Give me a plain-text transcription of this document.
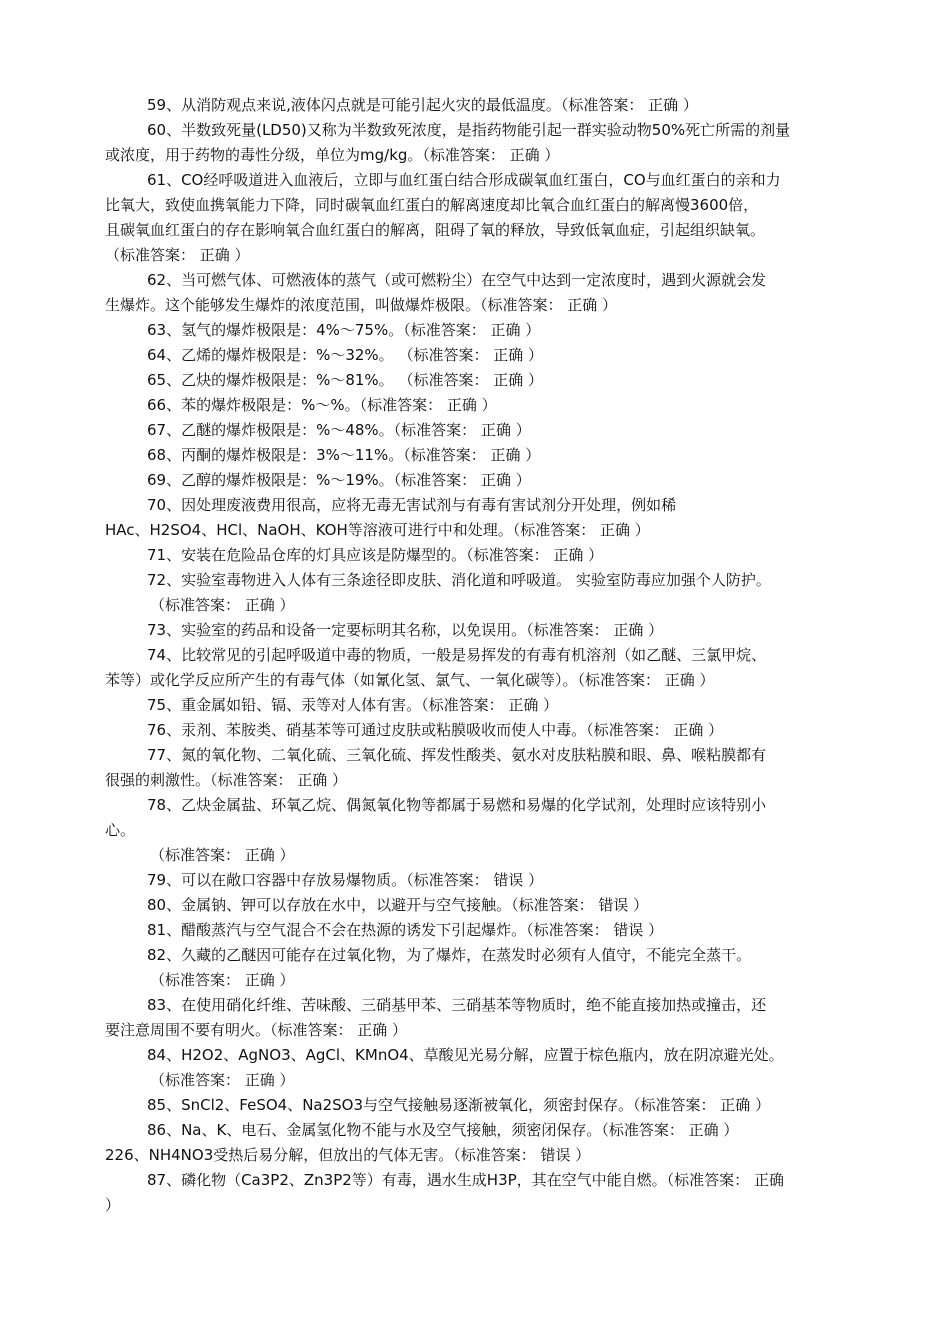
59、从消防观点来说,液体闪点就是可能引起火灾的最低温度。（标准答案： 正确 ）
60、半数致死量(LD50)又称为半数致死浓度，是指药物能引起一群实验动物50%死亡所需的剂量
或浓度，用于药物的毒性分级，单位为mg/kg。（标准答案： 正确 ）
61、CO经呼吸道进入血液后，立即与血红蛋白结合形成碳氧血红蛋白，CO与血红蛋白的亲和力
比氧大，致使血携氧能力下降，同时碳氧血红蛋白的解离速度却比氧合血红蛋白的解离慢3600倍，
且碳氧血红蛋白的存在影响氧合血红蛋白的解离，阻碍了氧的释放，导致低氧血症，引起组织缺氧。
（标准答案： 正确 ）
62、当可燃气体、可燃液体的蒸气（或可燃粉尘）在空气中达到一定浓度时，遇到火源就会发
生爆炸。这个能够发生爆炸的浓度范围，叫做爆炸极限。（标准答案： 正确 ）
63、氢气的爆炸极限是：4%～75%。（标准答案： 正确 ）
64、乙烯的爆炸极限是：%～32%。 （标准答案： 正确 ）
65、乙炔的爆炸极限是：%～81%。 （标准答案： 正确 ）
66、苯的爆炸极限是：%～%。（标准答案： 正确 ）
67、乙醚的爆炸极限是：%～48%。（标准答案： 正确 ）
68、丙酮的爆炸极限是：3%～11%。（标准答案： 正确 ）
69、乙醇的爆炸极限是：%～19%。（标准答案： 正确 ）
70、因处理废液费用很高，应将无毒无害试剂与有毒有害试剂分开处理，例如稀
HAc、H2SO4、HCl、NaOH、KOH等溶液可进行中和处理。（标准答案： 正确 ）
71、安装在危险品仓库的灯具应该是防爆型的。（标准答案： 正确 ）
72、实验室毒物进入人体有三条途径即皮肤、消化道和呼吸道。 实验室防毒应加强个人防护。
（标准答案： 正确 ）
73、实验室的药品和设备一定要标明其名称，以免误用。（标准答案： 正确 ）
74、比较常见的引起呼吸道中毒的物质，一般是易挥发的有毒有机溶剂（如乙醚、三氯甲烷、
苯等）或化学反应所产生的有毒气体（如氰化氢、氯气、一氧化碳等）。（标准答案： 正确 ）
75、重金属如铅、镉、汞等对人体有害。（标准答案： 正确 ）
76、汞剂、苯胺类、硝基苯等可通过皮肤或粘膜吸收而使人中毒。（标准答案： 正确 ）
77、氮的氧化物、二氧化硫、三氧化硫、挥发性酸类、氨水对皮肤粘膜和眼、鼻、喉粘膜都有
很强的刺激性。（标准答案： 正确 ）
78、乙炔金属盐、环氧乙烷、偶氮氧化物等都属于易燃和易爆的化学试剂，处理时应该特别小
心。
（标准答案： 正确 ）
79、可以在敞口容器中存放易爆物质。（标准答案： 错误 ）
80、金属钠、钾可以存放在水中，以避开与空气接触。（标准答案： 错误 ）
81、醋酸蒸汽与空气混合不会在热源的诱发下引起爆炸。（标准答案： 错误 ）
82、久藏的乙醚因可能存在过氧化物，为了爆炸，在蒸发时必须有人值守，不能完全蒸干。
（标准答案： 正确 ）
83、在使用硝化纤维、苦味酸、三硝基甲苯、三硝基苯等物质时，绝不能直接加热或撞击，还
要注意周围不要有明火。（标准答案： 正确 ）
84、H2O2、AgNO3、AgCl、KMnO4、草酸见光易分解，应置于棕色瓶内，放在阴凉避光处。
（标准答案： 正确 ）
85、SnCl2、FeSO4、Na2SO3与空气接触易逐渐被氧化，须密封保存。（标准答案： 正确 ）
86、Na、K、电石、金属氢化物不能与水及空气接触，须密闭保存。（标准答案： 正确 ）
226、NH4NO3受热后易分解，但放出的气体无害。（标准答案： 错误 ）
87、磷化物（Ca3P2、Zn3P2等）有毒，遇水生成H3P，其在空气中能自燃。（标准答案： 正确
）
